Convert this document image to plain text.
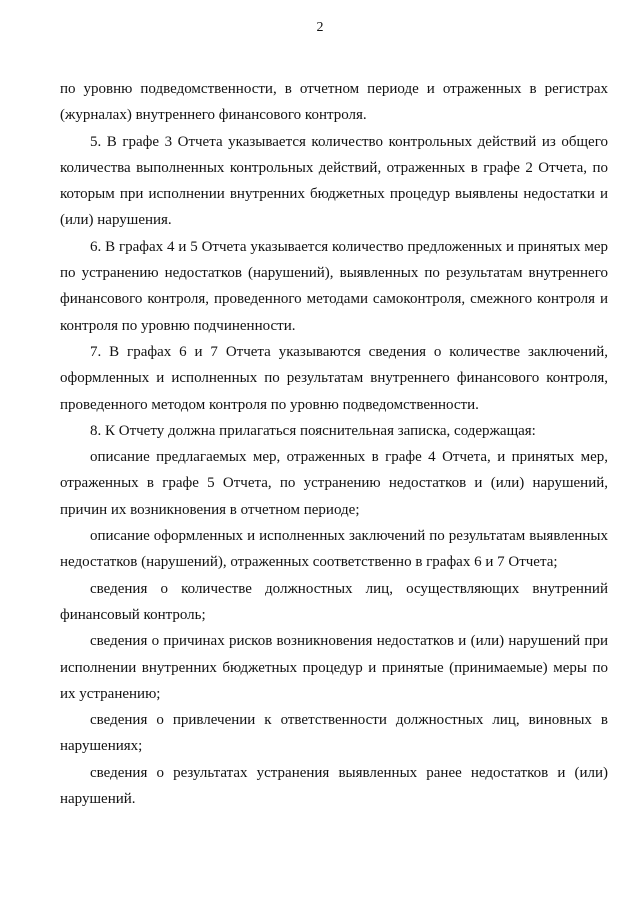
2

по уровню подведомственности, в отчетном периоде и отраженных в регистрах (журналах) внутреннего финансового контроля.

5. В графе 3 Отчета указывается количество контрольных действий из общего количества выполненных контрольных действий, отраженных в графе 2 Отчета, по которым при исполнении внутренних бюджетных процедур выявлены недостатки и (или) нарушения.

6. В графах 4 и 5 Отчета указывается количество предложенных и принятых мер по устранению недостатков (нарушений), выявленных по результатам внутреннего финансового контроля, проведенного методами самоконтроля, смежного контроля и контроля по уровню подчиненности.

7. В графах 6 и 7 Отчета указываются сведения о количестве заключений, оформленных и исполненных по результатам внутреннего финансового контроля, проведенного методом контроля по уровню подведомственности.

8. К Отчету должна прилагаться пояснительная записка, содержащая:

описание предлагаемых мер, отраженных в графе 4 Отчета, и принятых мер, отраженных в графе 5 Отчета, по устранению недостатков и (или) нарушений, причин их возникновения в отчетном периоде;

описание оформленных и исполненных заключений по результатам выявленных недостатков (нарушений), отраженных соответственно в графах 6 и 7 Отчета;

сведения о количестве должностных лиц, осуществляющих внутренний финансовый контроль;

сведения о причинах рисков возникновения недостатков и (или) нарушений при исполнении внутренних бюджетных процедур и принятые (принимаемые) меры по их устранению;

сведения о привлечении к ответственности должностных лиц, виновных в нарушениях;

сведения о результатах устранения выявленных ранее недостатков и (или) нарушений.
